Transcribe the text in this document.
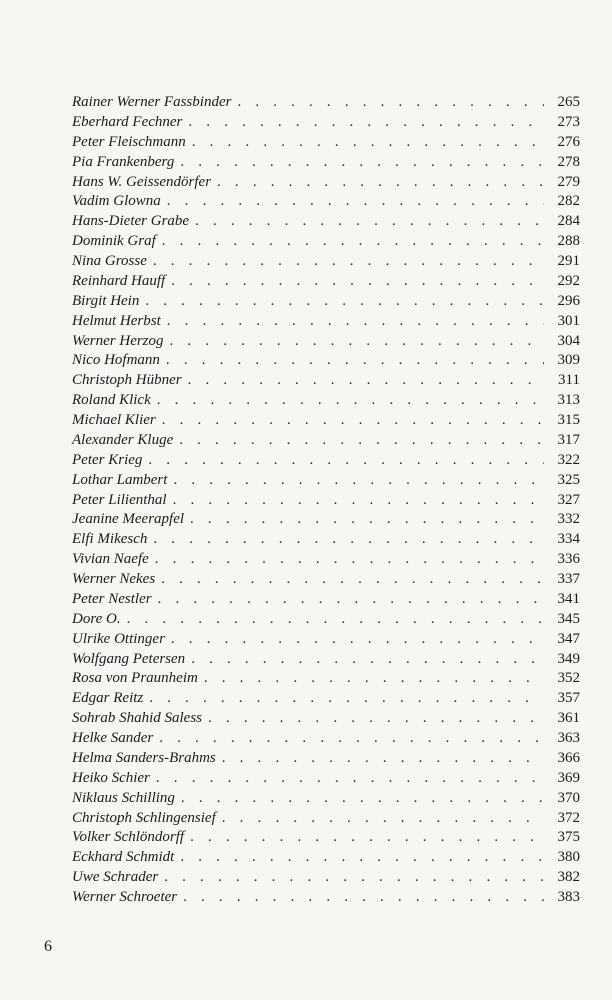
Rainer Werner Fassbinder . . .	265
Eberhard Fechner . . .	273
Peter Fleischmann . . .	276
Pia Frankenberg . . .	278
Hans W. Geissendörfer . . .	279
Vadim Glowna . . .	282
Hans-Dieter Grabe . . .	284
Dominik Graf . . .	288
Nina Grosse . . .	291
Reinhard Hauff . . .	292
Birgit Hein . . .	296
Helmut Herbst . . .	301
Werner Herzog . . .	304
Nico Hofmann . . .	309
Christoph Hübner . . .	311
Roland Klick . . .	313
Michael Klier . . .	315
Alexander Kluge . . .	317
Peter Krieg . . .	322
Lothar Lambert . . .	325
Peter Lilienthal . . .	327
Jeanine Meerapfel . . .	332
Elfi Mikesch . . .	334
Vivian Naefe . . .	336
Werner Nekes . . .	337
Peter Nestler . . .	341
Dore O. . . .	345
Ulrike Ottinger . . .	347
Wolfgang Petersen . . .	349
Rosa von Praunheim . . .	352
Edgar Reitz . . .	357
Sohrab Shahid Saless . . .	361
Helke Sander . . .	363
Helma Sanders-Brahms . . .	366
Heiko Schier . . .	369
Niklaus Schilling . . .	370
Christoph Schlingensief . . .	372
Volker Schlöndorff . . .	375
Eckhard Schmidt . . .	380
Uwe Schrader . . .	382
Werner Schroeter . . .	383
6
